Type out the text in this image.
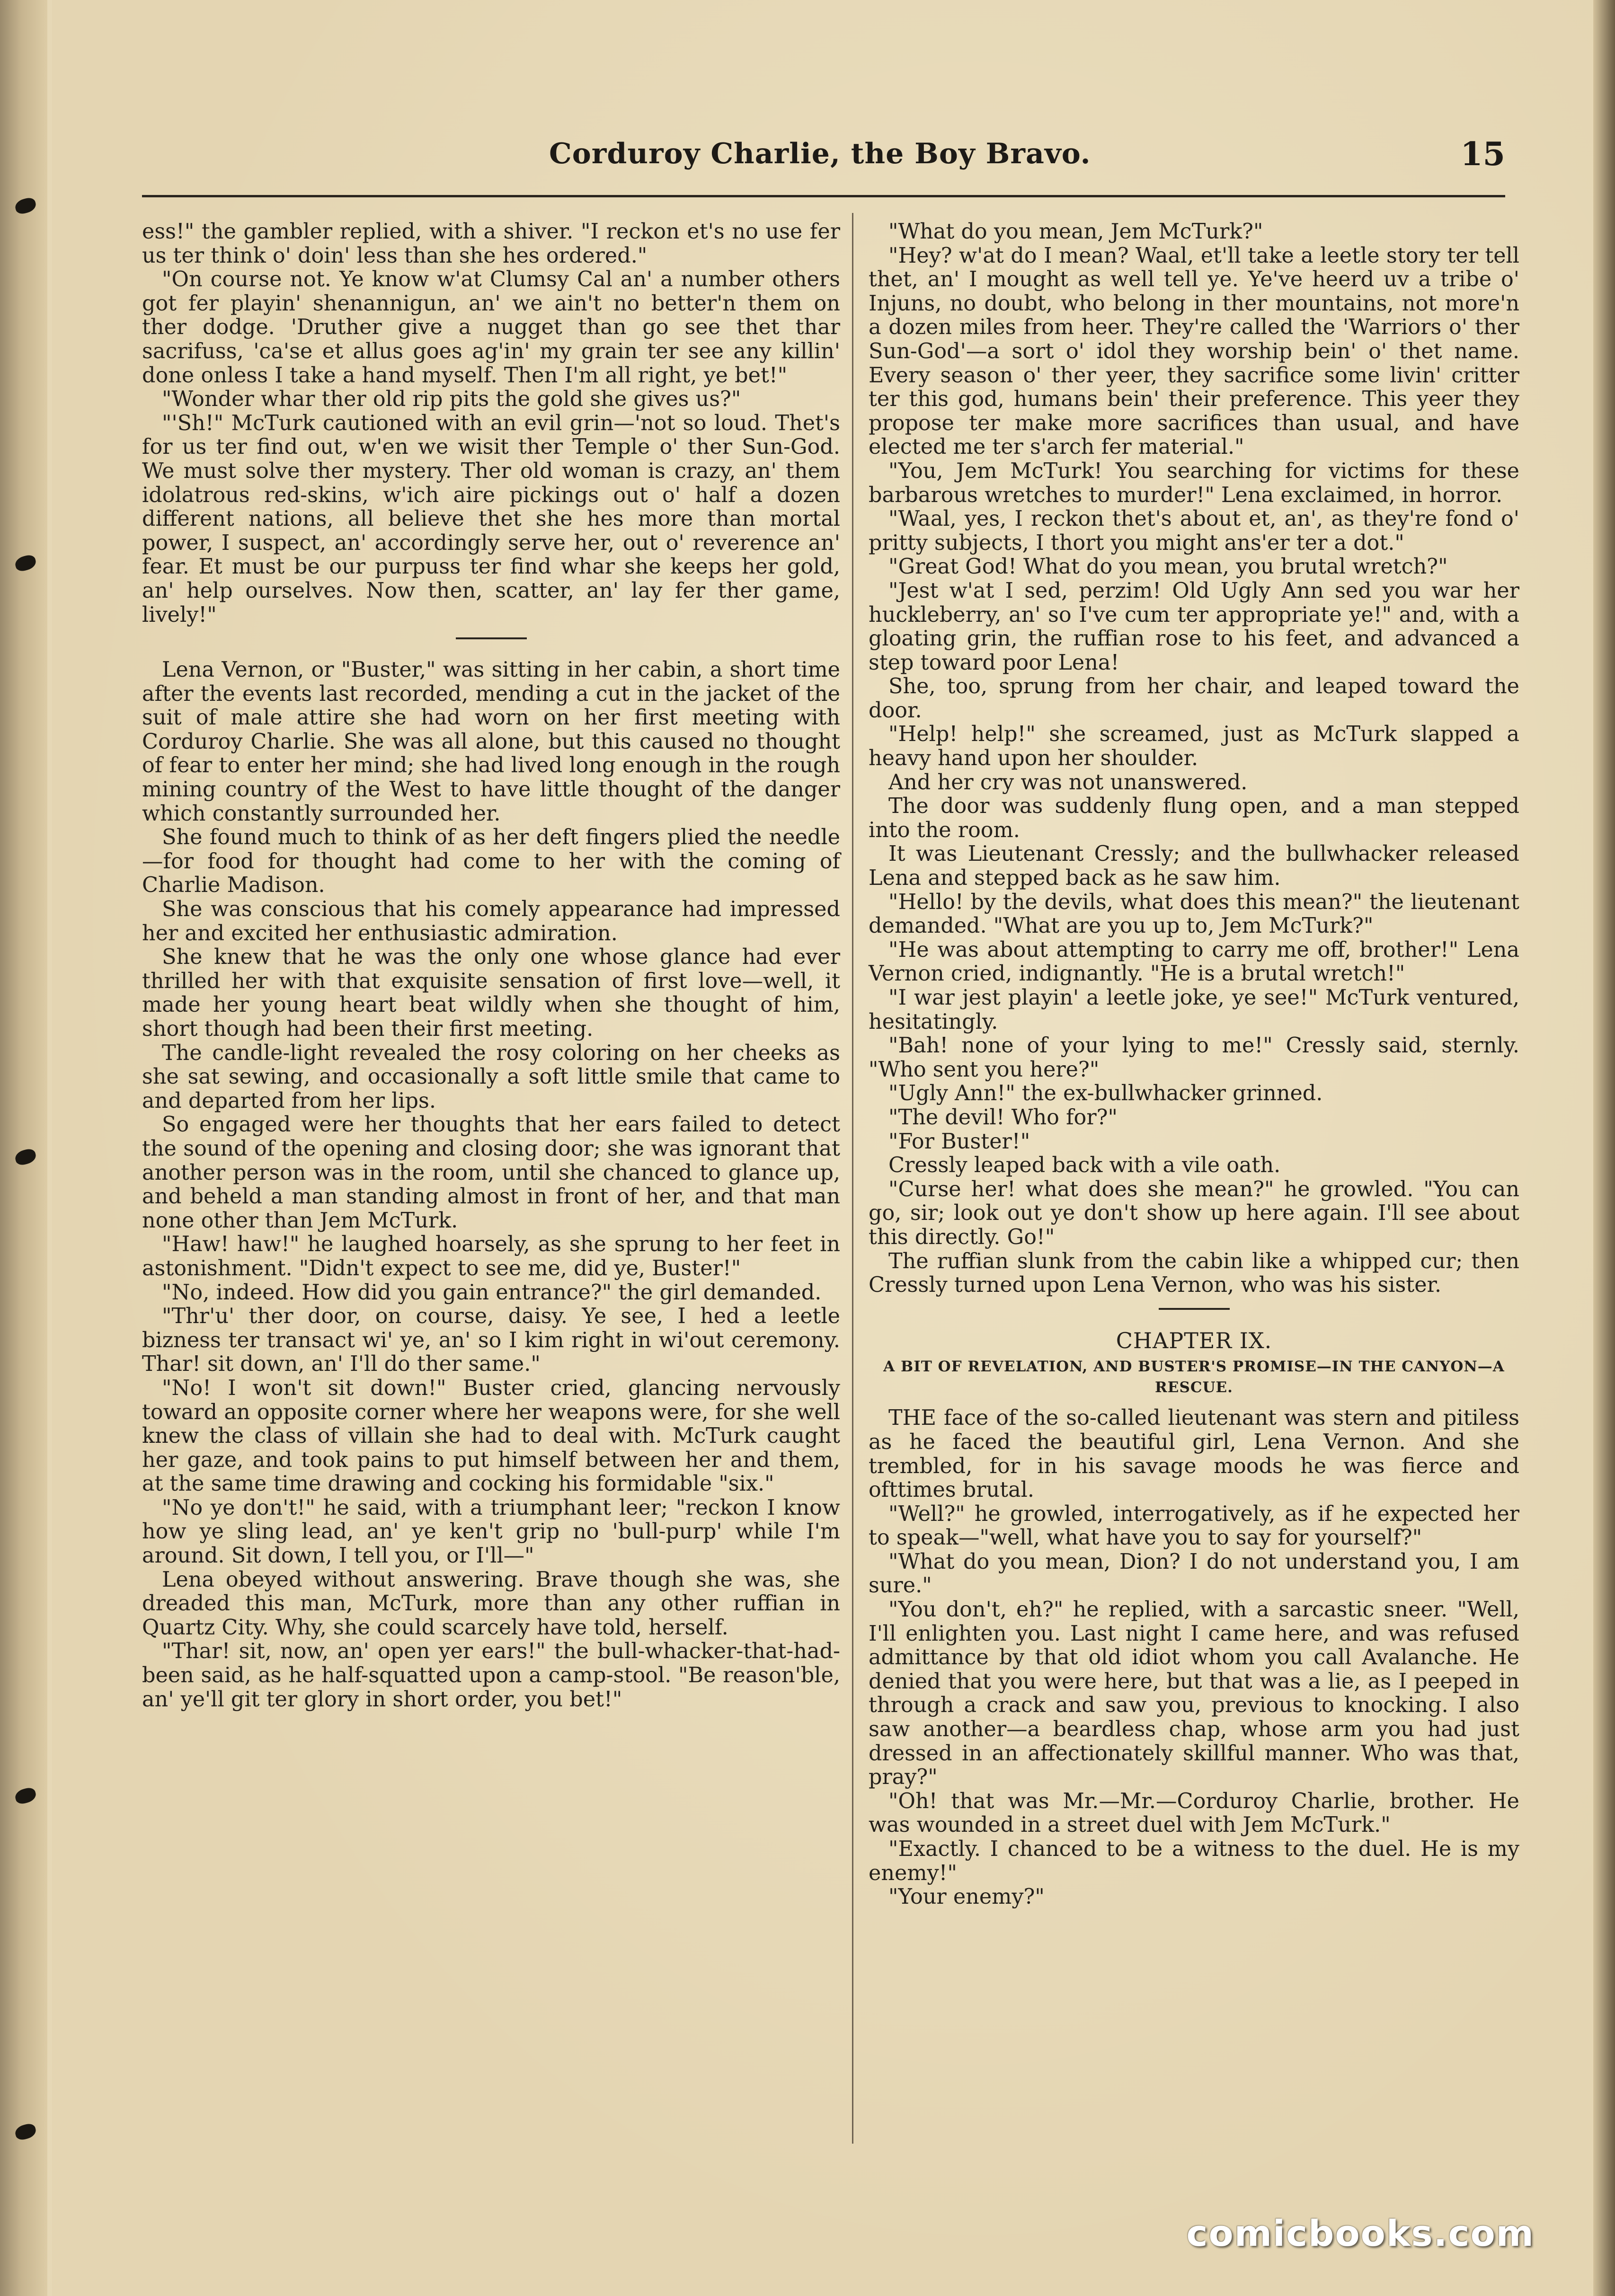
Corduroy Charlie, the Boy Bravo.	15

ess!" the gambler replied, with a shiver. "I reckon et's no use fer us ter think o' doin' less than she hes ordered."

"On course not. Ye know w'at Clumsy Cal an' a number others got fer playin' shenannigun, an' we ain't no better'n them on ther dodge. 'Druther give a nugget than go see thet thar sacrifuss, 'ca'se et allus goes ag'in' my grain ter see any killin' done onless I take a hand myself. Then I'm all right, ye bet!"

"Wonder whar ther old rip pits the gold she gives us?"

"'Sh!" McTurk cautioned with an evil grin—'not so loud. Thet's for us ter find out, w'en we wisit ther Temple o' ther Sun-God. We must solve ther mystery. Ther old woman is crazy, an' them idolatrous red-skins, w'ich aire pickings out o' half a dozen different nations, all believe thet she hes more than mortal power, I suspect, an' accordingly serve her, out o' reverence an' fear. Et must be our purpuss ter find whar she keeps her gold, an' help ourselves. Now then, scatter, an' lay fer ther game, lively!"

Lena Vernon, or "Buster," was sitting in her cabin, a short time after the events last recorded, mending a cut in the jacket of the suit of male attire she had worn on her first meeting with Corduroy Charlie. She was all alone, but this caused no thought of fear to enter her mind; she had lived long enough in the rough mining country of the West to have little thought of the danger which constantly surrounded her.

She found much to think of as her deft fingers plied the needle—for food for thought had come to her with the coming of Charlie Madison.

She was conscious that his comely appearance had impressed her and excited her enthusiastic admiration.

She knew that he was the only one whose glance had ever thrilled her with that exquisite sensation of first love—well, it made her young heart beat wildly when she thought of him, short though had been their first meeting.

The candle-light revealed the rosy coloring on her cheeks as she sat sewing, and occasionally a soft little smile that came to and departed from her lips.

So engaged were her thoughts that her ears failed to detect the sound of the opening and closing door; she was ignorant that another person was in the room, until she chanced to glance up, and beheld a man standing almost in front of her, and that man none other than Jem McTurk.

"Haw! haw!" he laughed hoarsely, as she sprung to her feet in astonishment. "Didn't expect to see me, did ye, Buster!"

"No, indeed. How did you gain entrance?" the girl demanded.

"Thr'u' ther door, on course, daisy. Ye see, I hed a leetle bizness ter transact wi' ye, an' so I kim right in wi'out ceremony. Thar! sit down, an' I'll do ther same."

"No! I won't sit down!" Buster cried, glancing nervously toward an opposite corner where her weapons were, for she well knew the class of villain she had to deal with. McTurk caught her gaze, and took pains to put himself between her and them, at the same time drawing and cocking his formidable "six."

"No ye don't!" he said, with a triumphant leer; "reckon I know how ye sling lead, an' ye ken't grip no 'bull-purp' while I'm around. Sit down, I tell you, or I'll—"

Lena obeyed without answering. Brave though she was, she dreaded this man, McTurk, more than any other ruffian in Quartz City. Why, she could scarcely have told, herself.

"Thar! sit, now, an' open yer ears!" the bull-whacker-that-had-been said, as he half-squatted upon a camp-stool. "Be reason'ble, an' ye'll git ter glory in short order, you bet!"

"What do you mean, Jem McTurk?"

"Hey? w'at do I mean? Waal, et'll take a leetle story ter tell thet, an' I mought as well tell ye. Ye've heerd uv a tribe o' Injuns, no doubt, who belong in ther mountains, not more'n a dozen miles from heer. They're called the 'Warriors o' ther Sun-God'—a sort o' idol they worship bein' o' thet name. Every season o' ther yeer, they sacrifice some livin' critter ter this god, humans bein' their preference. This yeer they propose ter make more sacrifices than usual, and have elected me ter s'arch fer material."

"You, Jem McTurk! You searching for victims for these barbarous wretches to murder!" Lena exclaimed, in horror.

"Waal, yes, I reckon thet's about et, an', as they're fond o' pritty subjects, I thort you might ans'er ter a dot."

"Great God! What do you mean, you brutal wretch?"

"Jest w'at I sed, perzim! Old Ugly Ann sed you war her huckleberry, an' so I've cum ter appropriate ye!" and, with a gloating grin, the ruffian rose to his feet, and advanced a step toward poor Lena!

She, too, sprung from her chair, and leaped toward the door.

"Help! help!" she screamed, just as McTurk slapped a heavy hand upon her shoulder.

And her cry was not unanswered.

The door was suddenly flung open, and a man stepped into the room.

It was Lieutenant Cressly; and the bullwhacker released Lena and stepped back as he saw him.

"Hello! by the devils, what does this mean?" the lieutenant demanded. "What are you up to, Jem McTurk?"

"He was about attempting to carry me off, brother!" Lena Vernon cried, indignantly. "He is a brutal wretch!"

"I war jest playin' a leetle joke, ye see!" McTurk ventured, hesitatingly.

"Bah! none of your lying to me!" Cressly said, sternly. "Who sent you here?"

"Ugly Ann!" the ex-bullwhacker grinned.

"The devil! Who for?"

"For Buster!"

Cressly leaped back with a vile oath.

"Curse her! what does she mean?" he growled. "You can go, sir; look out ye don't show up here again. I'll see about this directly. Go!"

The ruffian slunk from the cabin like a whipped cur; then Cressly turned upon Lena Vernon, who was his sister.

CHAPTER IX.
A BIT OF REVELATION, AND BUSTER'S PROMISE—IN THE CANYON—A RESCUE.

THE face of the so-called lieutenant was stern and pitiless as he faced the beautiful girl, Lena Vernon. And she trembled, for in his savage moods he was fierce and ofttimes brutal.

"Well?" he growled, interrogatively, as if he expected her to speak—"well, what have you to say for yourself?"

"What do you mean, Dion? I do not understand you, I am sure."

"You don't, eh?" he replied, with a sarcastic sneer. "Well, I'll enlighten you. Last night I came here, and was refused admittance by that old idiot whom you call Avalanche. He denied that you were here, but that was a lie, as I peeped in through a crack and saw you, previous to knocking. I also saw another—a beardless chap, whose arm you had just dressed in an affectionately skillful manner. Who was that, pray?"

"Oh! that was Mr.—Mr.—Corduroy Charlie, brother. He was wounded in a street duel with Jem McTurk."

"Exactly. I chanced to be a witness to the duel. He is my enemy!"

"Your enemy?"

comicbooks.com
